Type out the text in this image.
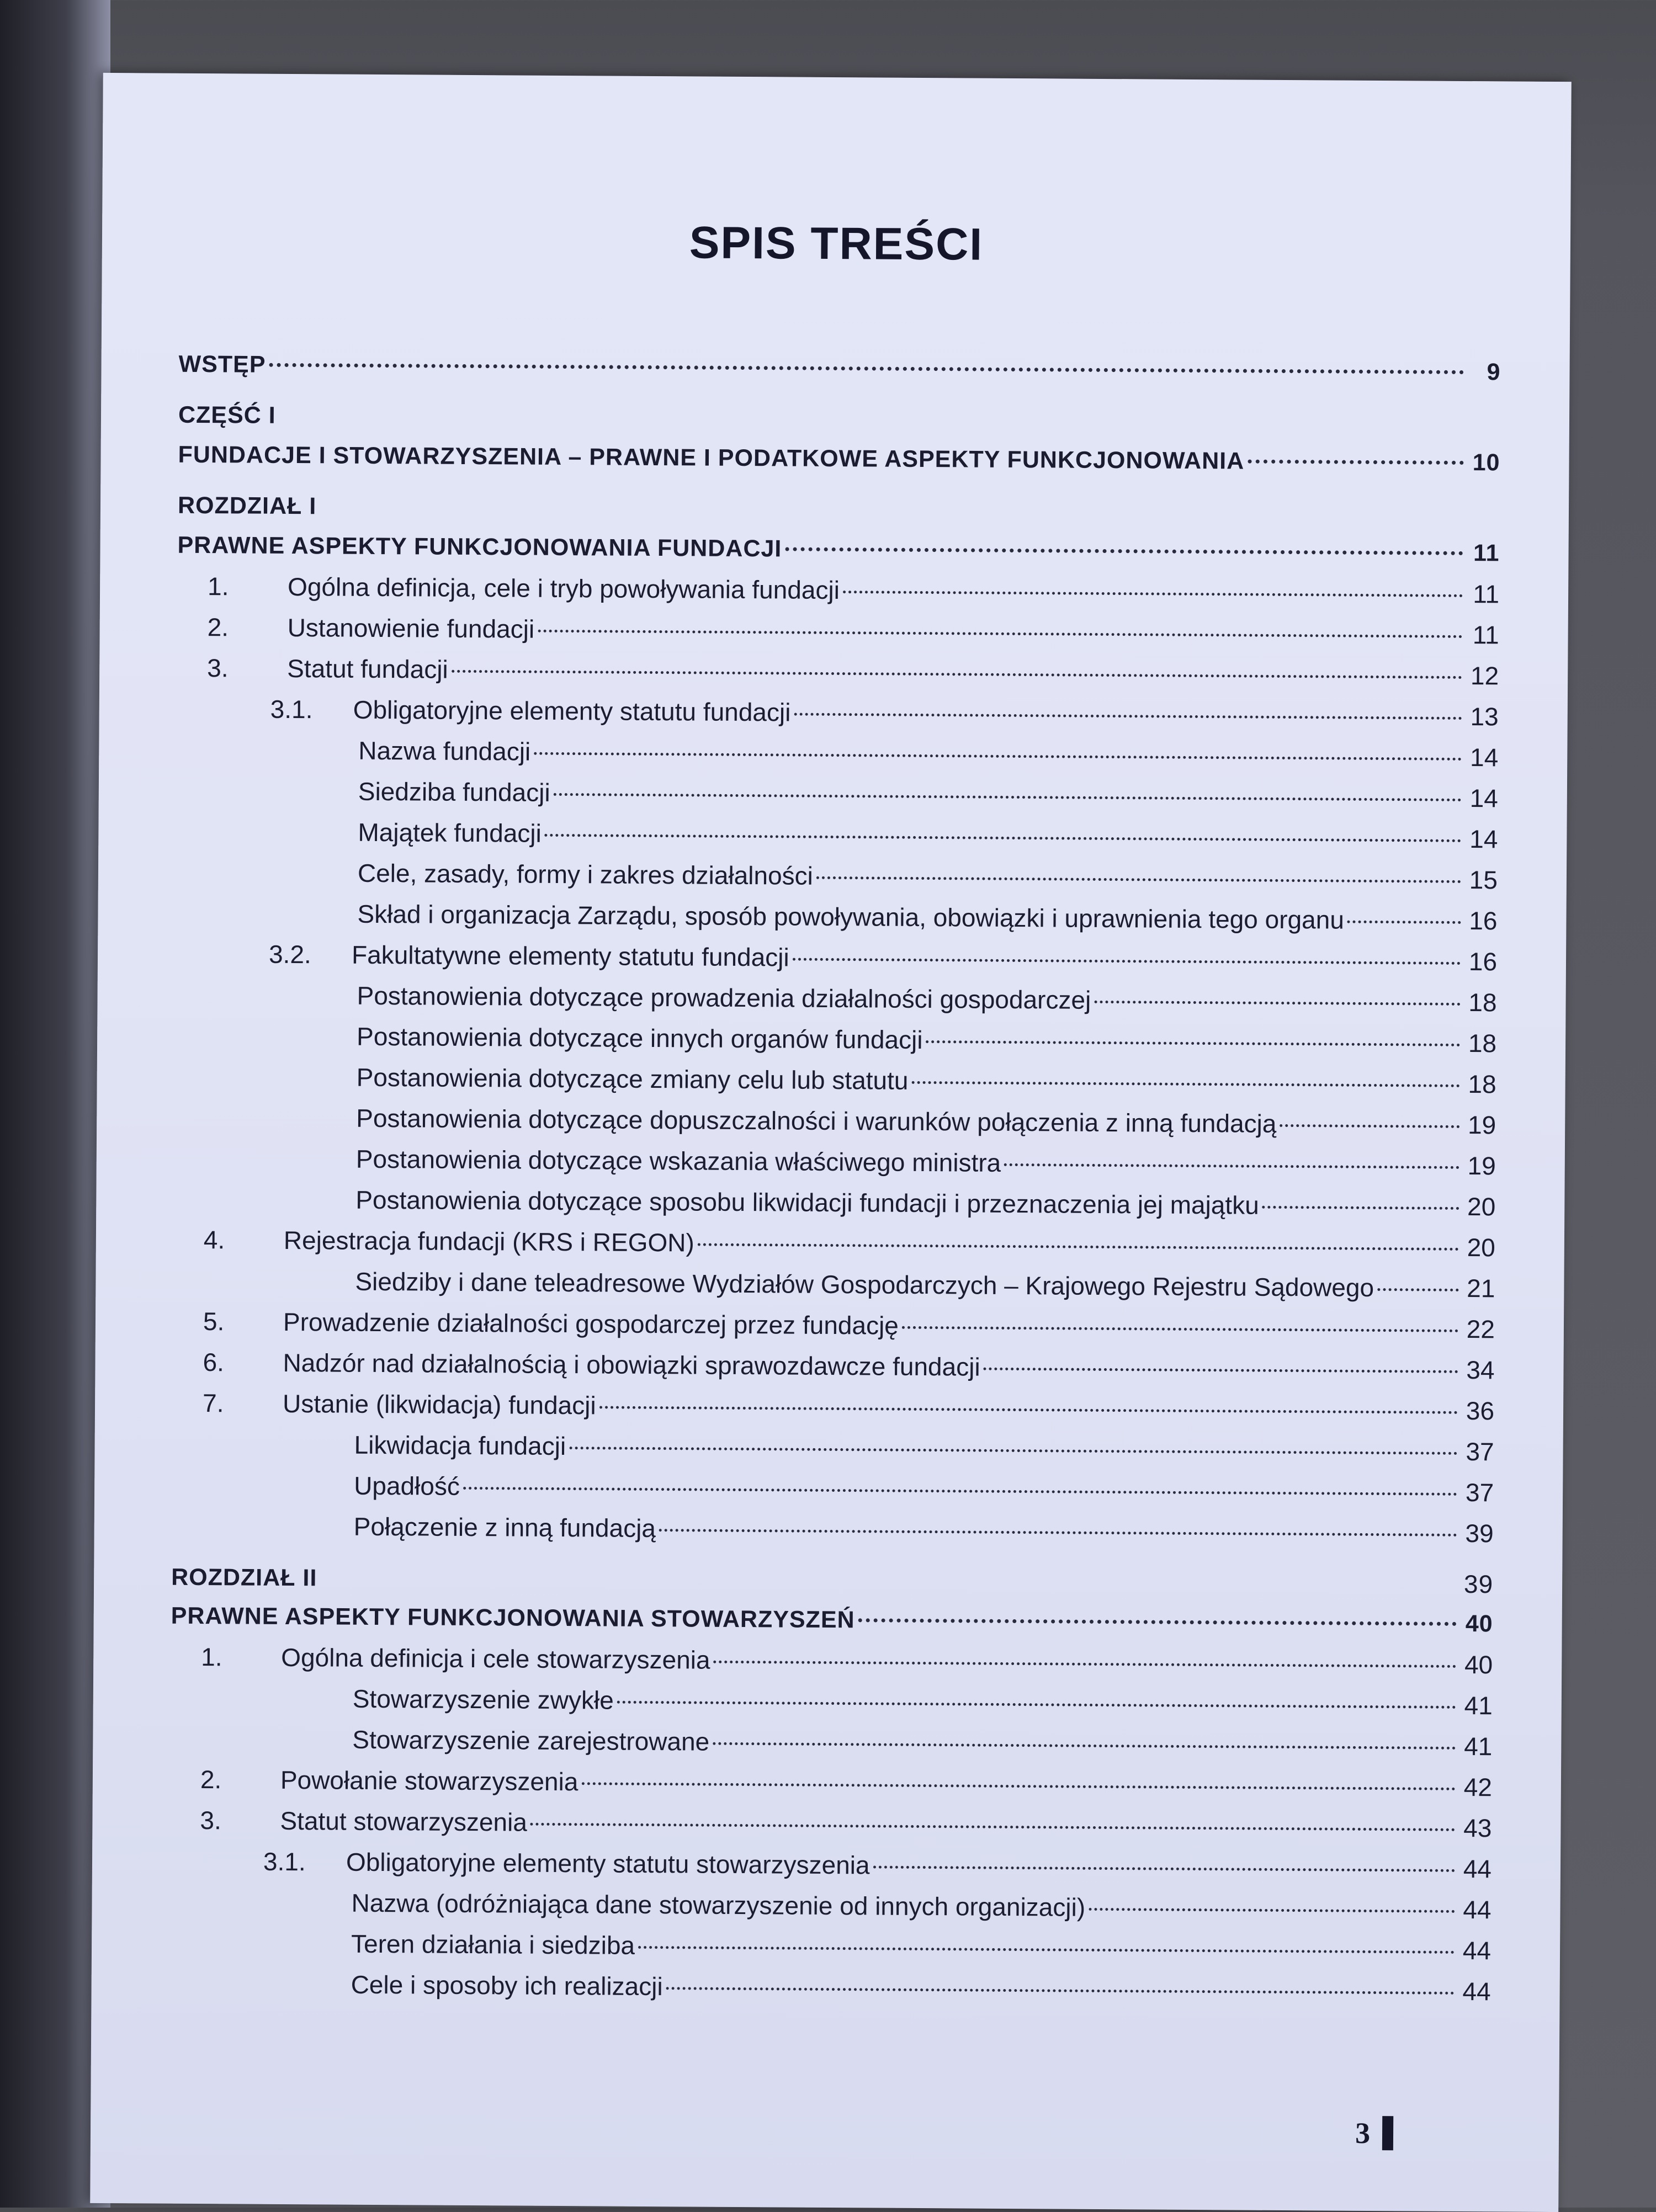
SPIS TREŚCI
WSTĘP	9
CZĘŚĆ I
FUNDACJE I STOWARZYSZENIA – PRAWNE I PODATKOWE ASPEKTY FUNKCJONOWANIA	10
ROZDZIAŁ I
PRAWNE ASPEKTY FUNKCJONOWANIA FUNDACJI	11
1. Ogólna definicja, cele i tryb powoływania fundacji	11
2. Ustanowienie fundacji	11
3. Statut fundacji	12
3.1. Obligatoryjne elementy statutu fundacji	13
Nazwa fundacji	14
Siedziba fundacji	14
Majątek fundacji	14
Cele, zasady, formy i zakres działalności	15
Skład i organizacja Zarządu, sposób powoływania, obowiązki i uprawnienia tego organu	16
3.2. Fakultatywne elementy statutu fundacji	16
Postanowienia dotyczące prowadzenia działalności gospodarczej	18
Postanowienia dotyczące innych organów fundacji	18
Postanowienia dotyczące zmiany celu lub statutu	18
Postanowienia dotyczące dopuszczalności i warunków połączenia z inną fundacją	19
Postanowienia dotyczące wskazania właściwego ministra	19
Postanowienia dotyczące sposobu likwidacji fundacji i przeznaczenia jej majątku	20
4. Rejestracja fundacji (KRS i REGON)	20
Siedziby i dane teleadresowe Wydziałów Gospodarczych – Krajowego Rejestru Sądowego	21
5. Prowadzenie działalności gospodarczej przez fundację	22
6. Nadzór nad działalnością i obowiązki sprawozdawcze fundacji	34
7. Ustanie (likwidacja) fundacji	36
Likwidacja fundacji	37
Upadłość	37
Połączenie z inną fundacją	39
ROZDZIAŁ II	39
PRAWNE ASPEKTY FUNKCJONOWANIA STOWARZYSZEŃ	40
1. Ogólna definicja i cele stowarzyszenia	40
Stowarzyszenie zwykłe	41
Stowarzyszenie zarejestrowane	41
2. Powołanie stowarzyszenia	42
3. Statut stowarzyszenia	43
3.1. Obligatoryjne elementy statutu stowarzyszenia	44
Nazwa (odróżniająca dane stowarzyszenie od innych organizacji)	44
Teren działania i siedziba	44
Cele i sposoby ich realizacji	44
3
